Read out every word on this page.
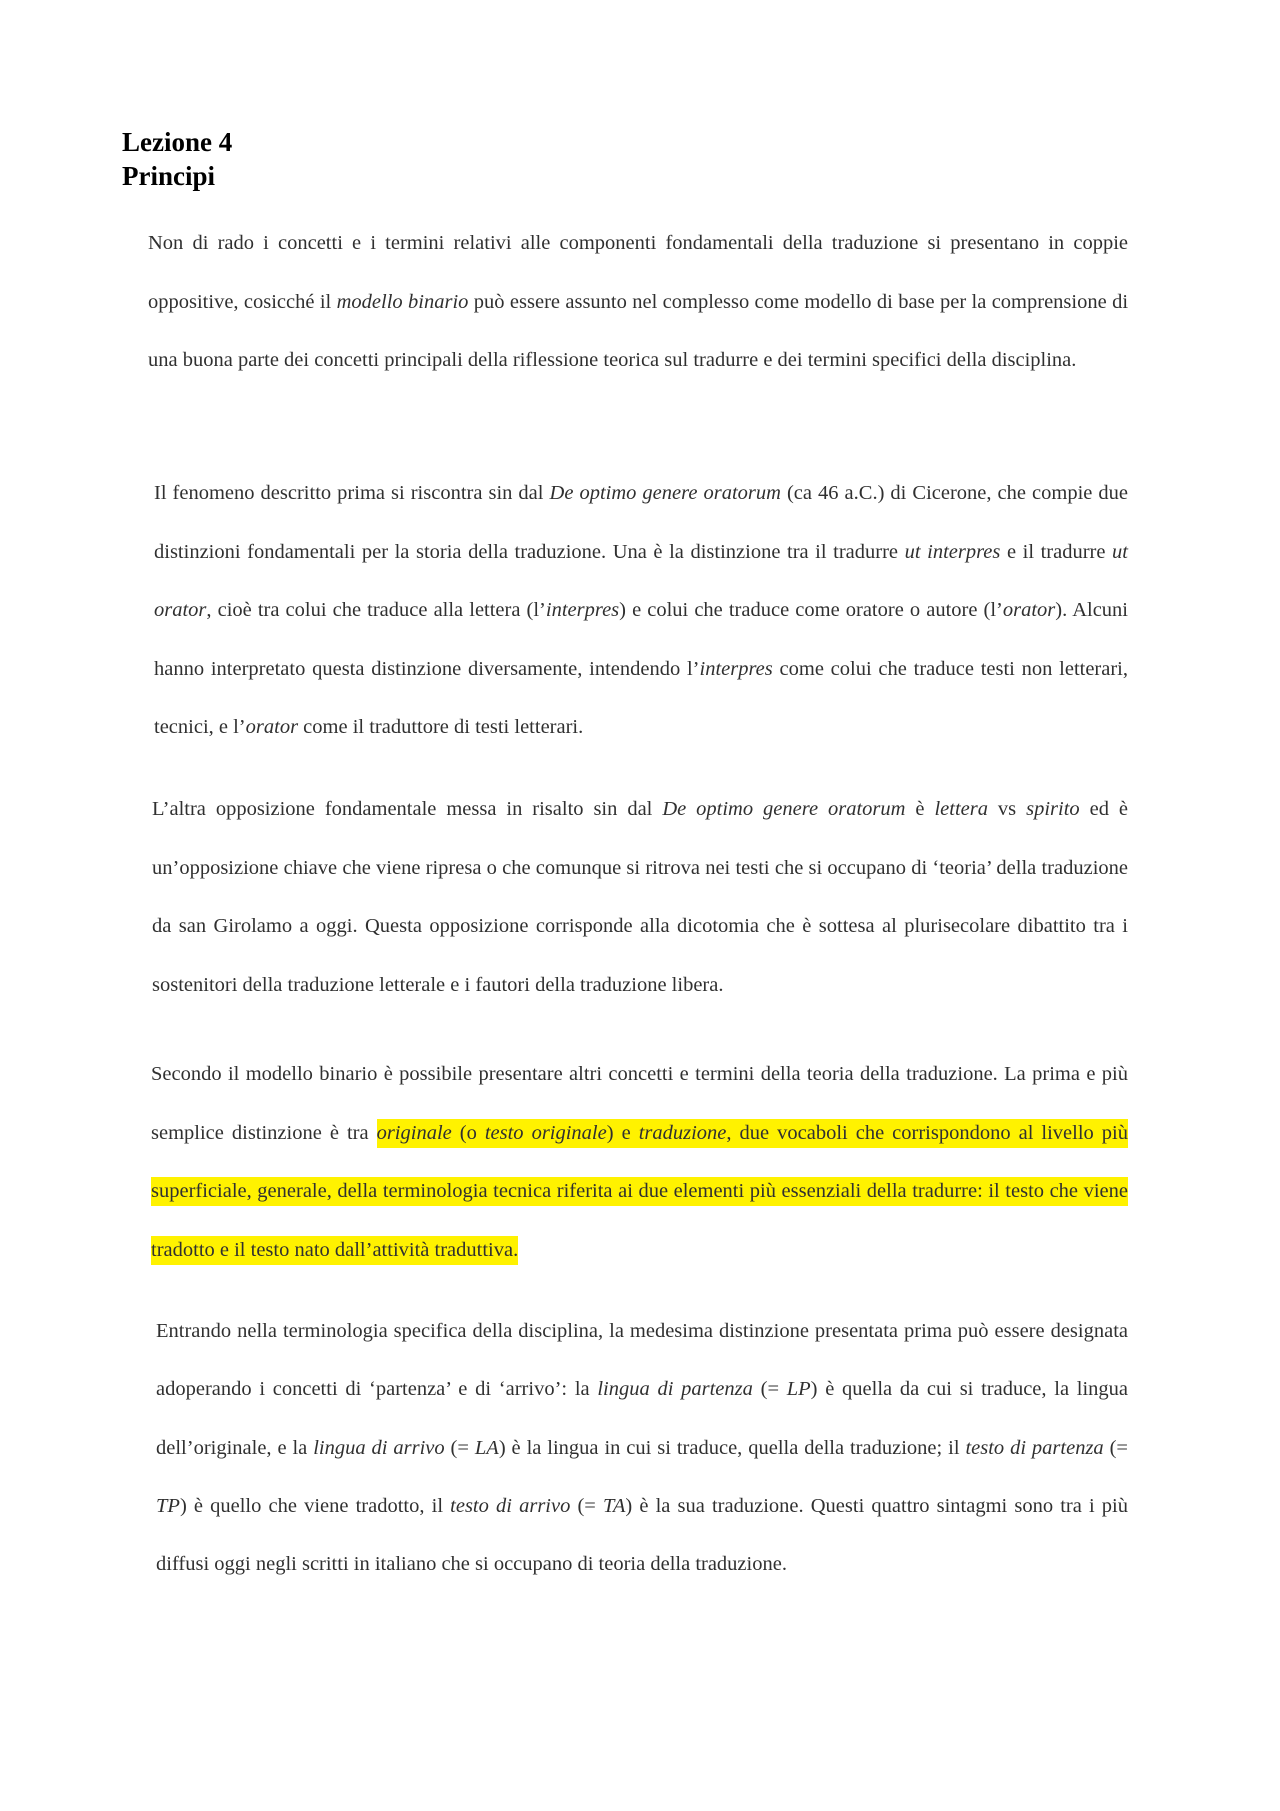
Lezione 4
Principi

Non di rado i concetti e i termini relativi alle componenti fondamentali della traduzione si presentano in coppie oppositive, cosicché il modello binario può essere assunto nel complesso come modello di base per la comprensione di una buona parte dei concetti principali della riflessione teorica sul tradurre e dei termini specifici della disciplina.

Il fenomeno descritto prima si riscontra sin dal De optimo genere oratorum (ca 46 a.C.) di Cicerone, che compie due distinzioni fondamentali per la storia della traduzione. Una è la distinzione tra il tradurre ut interpres e il tradurre ut orator, cioè tra colui che traduce alla lettera (l’interpres) e colui che traduce come oratore o autore (l’orator). Alcuni hanno interpretato questa distinzione diversamente, intendendo l’interpres come colui che traduce testi non letterari, tecnici, e l’orator come il traduttore di testi letterari.

L’altra opposizione fondamentale messa in risalto sin dal De optimo genere oratorum è lettera vs spirito ed è un’opposizione chiave che viene ripresa o che comunque si ritrova nei testi che si occupano di ‘teoria’ della traduzione da san Girolamo a oggi. Questa opposizione corrisponde alla dicotomia che è sottesa al plurisecolare dibattito tra i sostenitori della traduzione letterale e i fautori della traduzione libera.

Secondo il modello binario è possibile presentare altri concetti e termini della teoria della traduzione. La prima e più semplice distinzione è tra originale (o testo originale) e traduzione, due vocaboli che corrispondono al livello più superficiale, generale, della terminologia tecnica riferita ai due elementi più essenziali della tradurre: il testo che viene tradotto e il testo nato dall’attività traduttiva.

Entrando nella terminologia specifica della disciplina, la medesima distinzione presentata prima può essere designata adoperando i concetti di ‘partenza’ e di ‘arrivo’: la lingua di partenza (= LP) è quella da cui si traduce, la lingua dell’originale, e la lingua di arrivo (= LA) è la lingua in cui si traduce, quella della traduzione; il testo di partenza (= TP) è quello che viene tradotto, il testo di arrivo (= TA) è la sua traduzione. Questi quattro sintagmi sono tra i più diffusi oggi negli scritti in italiano che si occupano di teoria della traduzione.
